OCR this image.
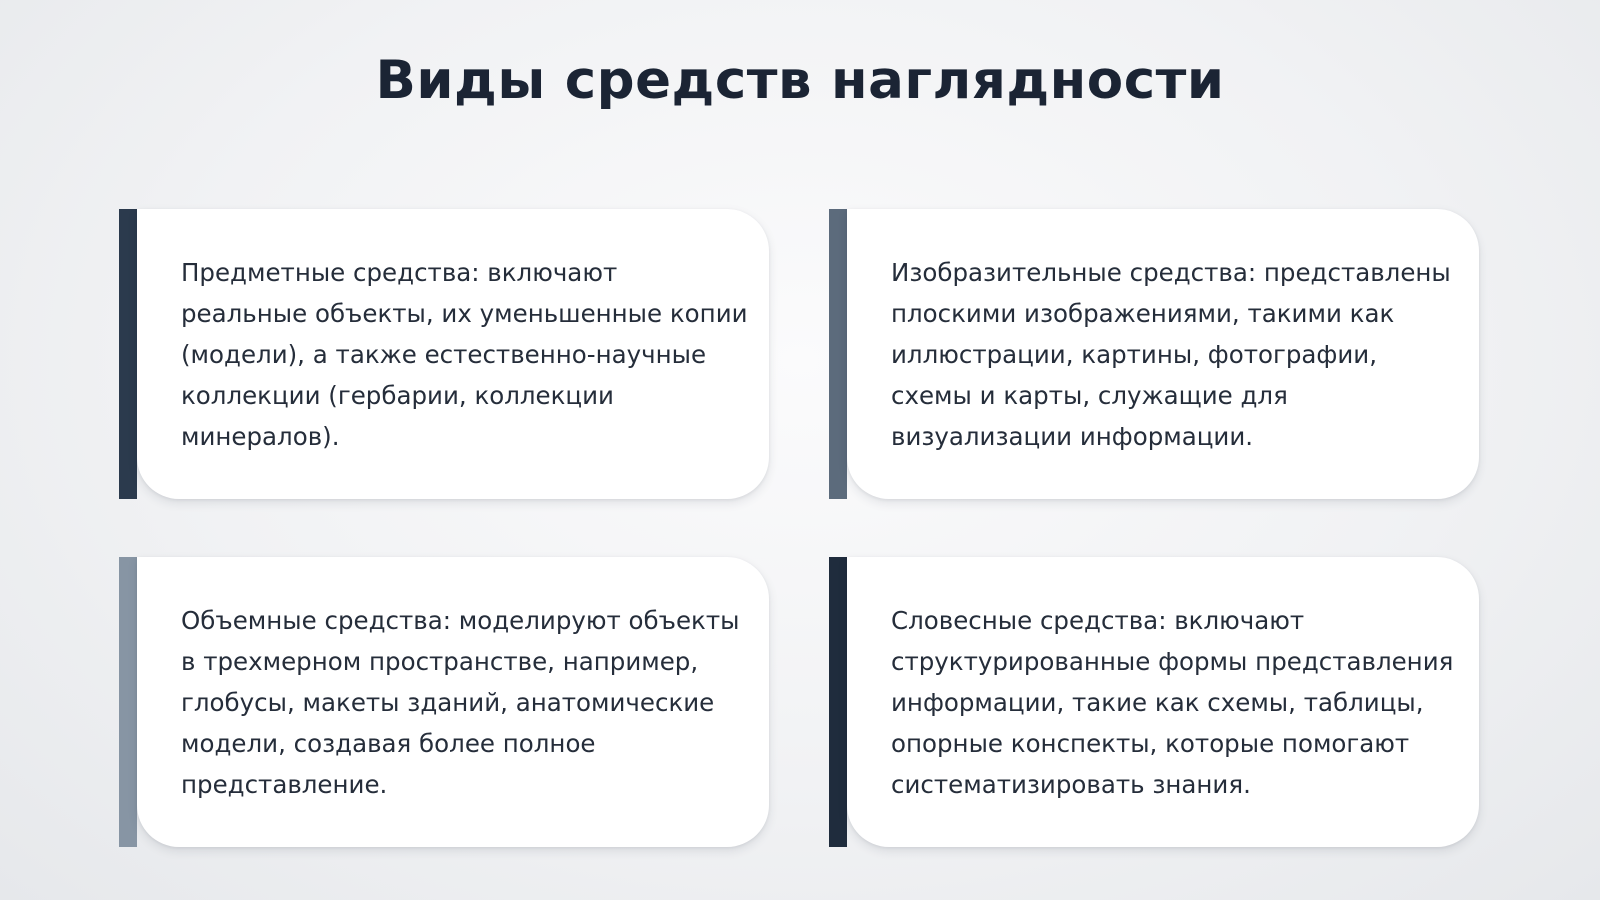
Виды средств наглядности

Предметные средства: включают реальные объекты, их уменьшенные копии (модели), а также естественно-научные коллекции (гербарии, коллекции минералов).

Изобразительные средства: представлены плоскими изображениями, такими как иллюстрации, картины, фотографии, схемы и карты, служащие для визуализации информации.

Объемные средства: моделируют объекты в трехмерном пространстве, например, глобусы, макеты зданий, анатомические модели, создавая более полное представление.

Словесные средства: включают структурированные формы представления информации, такие как схемы, таблицы, опорные конспекты, которые помогают систематизировать знания.
